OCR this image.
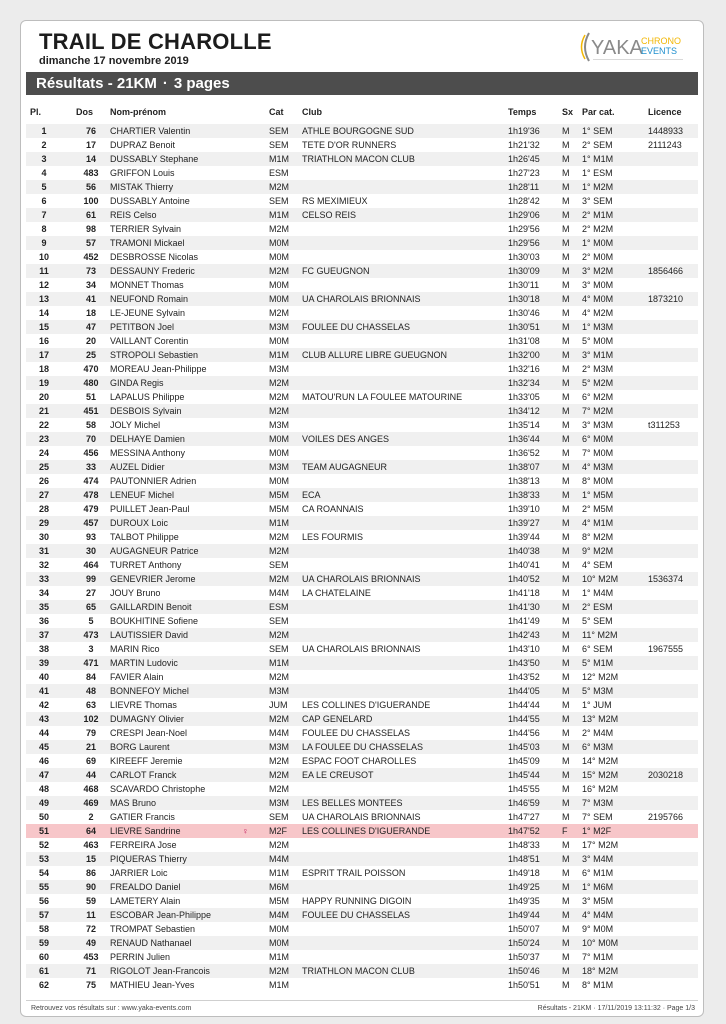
TRAIL DE CHAROLLE
dimanche 17 novembre 2019
YAKA
CHRONO
EVENTS
Résultats - 21KM · 3 pages
Pl.	Dos Nom-prénom	Cat Club	Temps	Sx Par cat.	Licence
1	76	CHARTIER Valentin	SEM ATHLE BOURGOGNE SUD	1h19'36 M 1° SEM	1448933
2	17	DUPRAZ Benoit	SEM TETE D'OR RUNNERS	1h21'32 M 2° SEM	2111243
3	14	DUSSABLY Stephane	M1M TRIATHLON MACON CLUB	1h26'45 M 1° M1M
4	483	GRIFFON Louis	ESM	1h27'23 M 1° ESM
5	56	MISTAK Thierry	M2M	1h28'11	M 1° M2M
6	100	DUSSABLY Antoine	SEM RS MEXIMIEUX	1h28'42 M 3° SEM
7	61	REIS Celso	M1M CELSO REIS	1h29'06 M 2° M1M
8	98	TERRIER Sylvain	M2M	1h29'56 M 2° M2M
9	57	TRAMONI Mickael	M0M	1h29'56 M 1° M0M
10	452	DESBROSSE Nicolas	M0M	1h30'03 M 2° M0M
11	73	DESSAUNY Frederic	M2M FC GUEUGNON	1h30'09 M 3° M2M	1856466
12	34	MONNET Thomas	M0M	1h30'11	M 3° M0M
13	41	NEUFOND Romain	M0M UA CHAROLAIS BRIONNAIS	1h30'18 M 4° M0M	1873210
14	18	LE-JEUNE Sylvain	M2M	1h30'46 M 4° M2M
15	47	PETITBON Joel	M3M FOULEE DU CHASSELAS	1h30'51 M 1° M3M
16	20	VAILLANT Corentin	M0M	1h31'08 M 5° M0M
17	25	STROPOLI Sebastien	M1M CLUB ALLURE LIBRE GUEUGNON	1h32'00 M 3° M1M
18	470	MOREAU Jean-Philippe	M3M	1h32'16 M 2° M3M
19	480	GINDA Regis	M2M	1h32'34 M 5° M2M
20	51	LAPALUS Philippe	M2M MATOU'RUN LA FOULEE MATOURINE	1h33'05 M 6° M2M
21	451	DESBOIS Sylvain	M2M	1h34'12 M 7° M2M
22	58	JOLY Michel	M3M	1h35'14 M 3° M3M	t311253
23	70	DELHAYE Damien	M0M VOILES DES ANGES	1h36'44 M 6° M0M
24	456	MESSINA Anthony	M0M	1h36'52 M 7° M0M
25	33	AUZEL Didier	M3M TEAM AUGAGNEUR	1h38'07 M 4° M3M
26	474	PAUTONNIER Adrien	M0M	1h38'13 M 8° M0M
27	478	LENEUF Michel	M5M ECA	1h38'33 M 1° M5M
28	479	PUILLET Jean-Paul	M5M CA ROANNAIS	1h39'10 M 2° M5M
29	457	DUROUX Loic	M1M	1h39'27 M 4° M1M
30	93	TALBOT Philippe	M2M LES FOURMIS	1h39'44 M 8° M2M
31	30	AUGAGNEUR Patrice	M2M	1h40'38 M 9° M2M
32	464	TURRET Anthony	SEM	1h40'41 M 4° SEM
33	99	GENEVRIER Jerome	M2M UA CHAROLAIS BRIONNAIS	1h40'52 M 10° M2M	1536374
34	27	JOUY Bruno	M4M LA CHATELAINE	1h41'18 M 1° M4M
35	65	GAILLARDIN Benoit	ESM	1h41'30 M 2° ESM
36	5	BOUKHITINE Sofiene	SEM	1h41'49 M 5° SEM
37	473	LAUTISSIER David	M2M	1h42'43 M 11° M2M
38	3	MARIN Rico	SEM UA CHAROLAIS BRIONNAIS	1h43'10 M 6° SEM	1967555
39	471	MARTIN Ludovic	M1M	1h43'50 M 5° M1M
40	84	FAVIER Alain	M2M	1h43'52 M 12° M2M
41	48	BONNEFOY Michel	M3M	1h44'05 M 5° M3M
42	63	LIEVRE Thomas	JUM LES COLLINES D'IGUERANDE	1h44'44 M 1° JUM
43	102	DUMAGNY Olivier	M2M CAP GENELARD	1h44'55 M 13° M2M
44	79	CRESPI Jean-Noel	M4M FOULEE DU CHASSELAS	1h44'56 M 2° M4M
45	21	BORG Laurent	M3M LA FOULEE DU CHASSELAS	1h45'03 M 6° M3M
46	69	KIREEFF Jeremie	M2M ESPAC FOOT CHAROLLES	1h45'09 M 14° M2M
47	44	CARLOT Franck	M2M EA LE CREUSOT	1h45'44 M 15° M2M	2030218
48	468	SCAVARDO Christophe	M2M	1h45'55 M 16° M2M
49	469	MAS Bruno	M3M LES BELLES MONTEES	1h46'59 M 7° M3M
50	2	GATIER Francis	SEM UA CHAROLAIS BRIONNAIS	1h47'27 M 7° SEM	2195766
51	64	LIEVRE Sandrine	M2F LES COLLINES D'IGUERANDE	1h47'52 F 1° M2F
♀
52	463	FERREIRA Jose	M2M	1h48'33 M 17° M2M
53	15	PIQUERAS Thierry	M4M	1h48'51 M 3° M4M
54	86	JARRIER Loic	M1M ESPRIT TRAIL POISSON	1h49'18 M 6° M1M
55	90	FREALDO Daniel	M6M	1h49'25 M 1° M6M
56	59	LAMETERY Alain	M5M HAPPY RUNNING DIGOIN	1h49'35 M 3° M5M
57	11	ESCOBAR Jean-Philippe	M4M FOULEE DU CHASSELAS	1h49'44 M 4° M4M
58	72	TROMPAT Sebastien	M0M	1h50'07 M 9° M0M
59	49	RENAUD Nathanael	M0M	1h50'24 M 10° M0M
60	453	PERRIN Julien	M1M	1h50'37 M 7° M1M
61	71	RIGOLOT Jean-Francois	M2M TRIATHLON MACON CLUB	1h50'46 M 18° M2M
62	75	MATHIEU Jean-Yves	M1M	1h50'51 M 8° M1M
Retrouvez vos résultats sur : www.yaka-events.com	Résultats - 21KM · 17/11/2019 13:11:32 · Page 1/3
